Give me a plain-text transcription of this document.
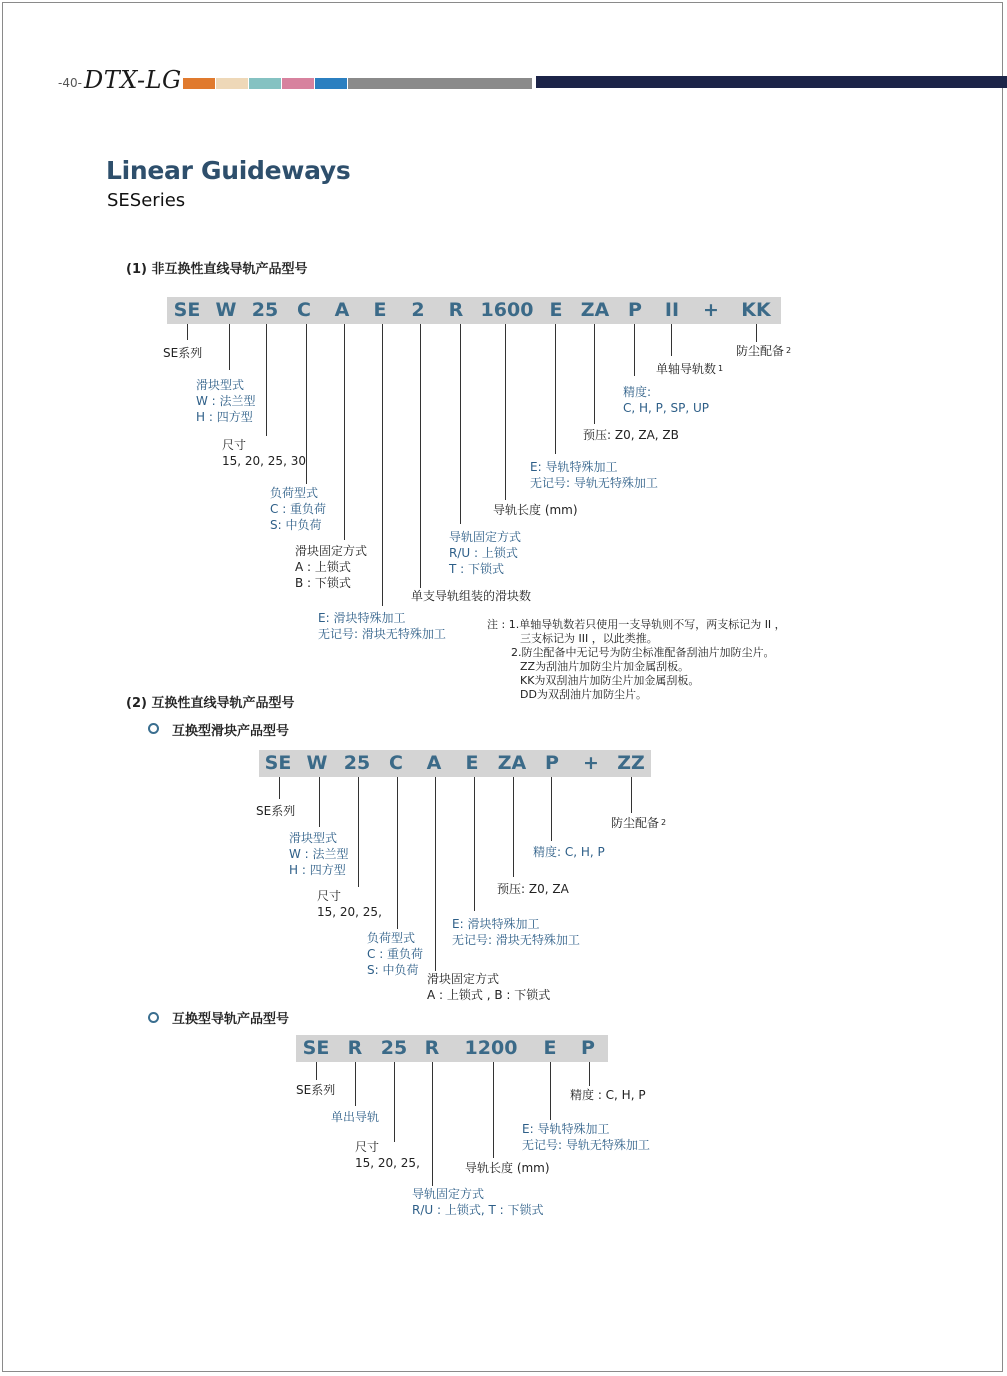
-40- DTX-LG
Linear Guideways
SESeries
(1) 非互换性直线导轨产品型号
SE W 25 C	A	E	2	R 1600 E ZA P	II	+	KK
SE系列
滑块型式
W : 法兰型
H : 四方型
尺寸
15, 20, 25, 30
负荷型式
C : 重负荷
S: 中负荷
滑块固定方式
A : 上锁式
B : 下锁式
E: 滑块特殊加工
无记号: 滑块无特殊加工
单支导轨组装的滑块数
导轨固定方式
R/U : 上锁式
T : 下锁式
导轨长度 (mm)
E: 导轨特殊加工
无记号: 导轨无特殊加工
预压: Z0, ZA, ZB
精度:
C, H, P, SP, UP
单轴导轨数 $^1$
防尘配备 $^2$
注 : 1.单轴导轨数若只使用一支导轨则不写，两支标记为 II ，
三支标记为 III ，以此类推。
2.防尘配备中无记号为防尘标准配备刮油片加防尘片。
ZZ为刮油片加防尘片加金属刮板。
KK为双刮油片加防尘片加金属刮板。
DD为双刮油片加防尘片。
(2) 互换性直线导轨产品型号
互换型滑块产品型号
SE W 25 C	A	E	ZA P	+ ZZ
SE系列
滑块型式
W : 法兰型
H : 四方型
尺寸
15, 20, 25,
负荷型式
C : 重负荷
S: 中负荷
滑块固定方式
A : 上锁式 , B : 下锁式
E: 滑块特殊加工
无记号: 滑块无特殊加工
预压: Z0, ZA
精度: C, H, P
防尘配备 $^2$
互换型导轨产品型号
SE R 25 R	1200	E	P
SE系列
单出导轨
尺寸
15, 20, 25,
导轨固定方式
R/U : 上锁式, T : 下锁式
导轨长度 (mm)
E: 导轨特殊加工
无记号: 导轨无特殊加工
精度 : C, H, P
